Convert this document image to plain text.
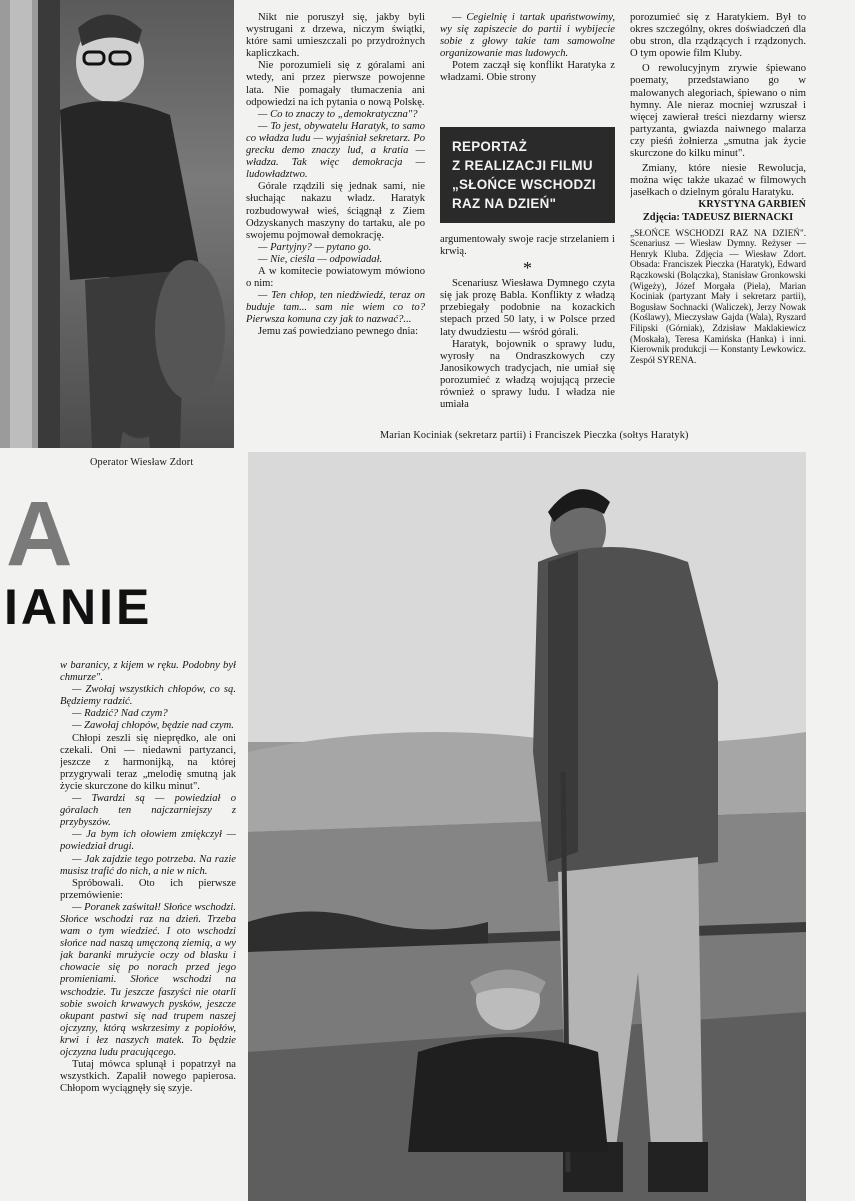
Operator Wiesław Zdort
Marian Kociniak (sekretarz partii) i Franciszek Pieczka (sołtys Haratyk)
A
IANIE
REPORTAŻ
Z REALIZACJI FILMU
„SŁOŃCE WSCHODZI
RAZ NA DZIEŃ"

Nikt nie poruszył się, jakby byli wystrugani z drzewa, niczym świątki, które sami umieszczali po przydrożnych kapliczkach.

Nie porozumieli się z góralami ani wtedy, ani przez pierwsze powojenne lata. Nie pomagały tłumaczenia ani odpowiedzi na ich pytania o nową Polskę.

— Co to znaczy to „demokratyczna"?

— To jest, obywatelu Haratyk, to samo co władza ludu — wyjaśniał sekretarz. Po grecku demo znaczy lud, a kratia — władza. Tak więc demokracja — ludowładztwo.

Górale rządzili się jednak sami, nie słuchając nakazu władz. Haratyk rozbudowywał wieś, ściągnął z Ziem Odzyskanych maszyny do tartaku, ale po swojemu pojmował demokrację.

— Partyjny? — pytano go.

— Nie, cieśla — odpowiadał.

A w komitecie powiatowym mówiono o nim:

— Ten chłop, ten niedźwiedź, teraz on buduje tam... sam nie wiem co to? Pierwsza komuna czy jak to nazwać?...

Jemu zaś powiedziano pewnego dnia:

— Cegielnię i tartak upaństwowimy, wy się zapiszecie do partii i wybijecie sobie z głowy takie tam samowolne organizowanie mas ludowych.

Potem zaczął się konflikt Haratyka z władzami. Obie strony

argumentowały swoje racje strzelaniem i krwią.

*

Scenariusz Wiesława Dymnego czyta się jak prozę Babla. Konflikty z władzą przebiegały podobnie na kozackich stepach przed 50 laty, i w Polsce przed laty dwudziestu — wśród górali.

Haratyk, bojownik o sprawy ludu, wyrosły na Ondraszkowych czy Janosikowych tradycjach, nie umiał się porozumieć z władzą wojującą przecie również o sprawy ludu. I władza nie umiała

porozumieć się z Haratykiem. Był to okres szczególny, okres doświadczeń dla obu stron, dla rządzących i rządzonych. O tym opowie film Kluby.

O rewolucyjnym zrywie śpiewano poematy, przedstawiano go w malowanych alegoriach, śpiewano o nim hymny. Ale nieraz mocniej wzruszał i więcej zawierał treści niezdarny wiersz partyzanta, gwiazda naiwnego malarza czy pieśń żołnierza „smutna jak życie skurczone do kilku minut".

Zmiany, które niesie Rewolucja, można więc także ukazać w filmowych jasełkach o dzielnym góralu Haratyku.

KRYSTYNA GARBIEŃ

Zdjęcia: TADEUSZ BIERNACKI

„SŁOŃCE WSCHODZI RAZ NA DZIEŃ". Scenariusz — Wiesław Dymny. Reżyser — Henryk Kluba. Zdjęcia — Wiesław Zdort. Obsada: Franciszek Pieczka (Haratyk), Edward Rączkowski (Bolączka), Stanisław Gronkowski (Wigeży), Józef Morgała (Piela), Marian Kociniak (partyzant Mały i sekretarz partii), Bogusław Sochnacki (Waliczek), Jerzy Nowak (Koślawy), Mieczysław Gajda (Wala), Ryszard Filipski (Górniak), Zdzisław Maklakiewicz (Moskała), Teresa Kamińska (Hanka) i inni. Kierownik produkcji — Konstanty Lewkowicz. Zespół SYRENA.

w baranicy, z kijem w ręku. Podobny był chmurze".

— Zwołaj wszystkich chłopów, co są. Będziemy radzić.

— Radzić? Nad czym?

— Zawołaj chłopów, będzie nad czym.

Chłopi zeszli się nieprędko, ale oni czekali. Oni — niedawni partyzanci, jeszcze z harmonijką, na której przygrywali teraz „melodię smutną jak życie skurczone do kilku minut".

— Twardzi są — powiedział o góralach ten najczarniejszy z przybyszów.

— Ja bym ich ołowiem zmiękczył — powiedział drugi.

— Jak zajdzie tego potrzeba. Na razie musisz trafić do nich, a nie w nich.

Spróbowali. Oto ich pierwsze przemówienie:

— Poranek zaświtał! Słońce wschodzi. Słońce wschodzi raz na dzień. Trzeba wam o tym wiedzieć. I oto wschodzi słońce nad naszą umęczoną ziemią, a wy jak baranki mrużycie oczy od blasku i chowacie się po norach przed jego promieniami. Słońce wschodzi na wschodzie. Tu jeszcze faszyści nie otarli sobie swoich krwawych pysków, jeszcze okupant pastwi się nad trupem naszej ojczyzny, którą wskrzesimy z popiołów, krwi i łez naszych matek. To będzie ojczyzna ludu pracującego.

Tutaj mówca splunął i popatrzył na wszystkich. Zapalił nowego papierosa. Chłopom wyciągnęły się szyje.
